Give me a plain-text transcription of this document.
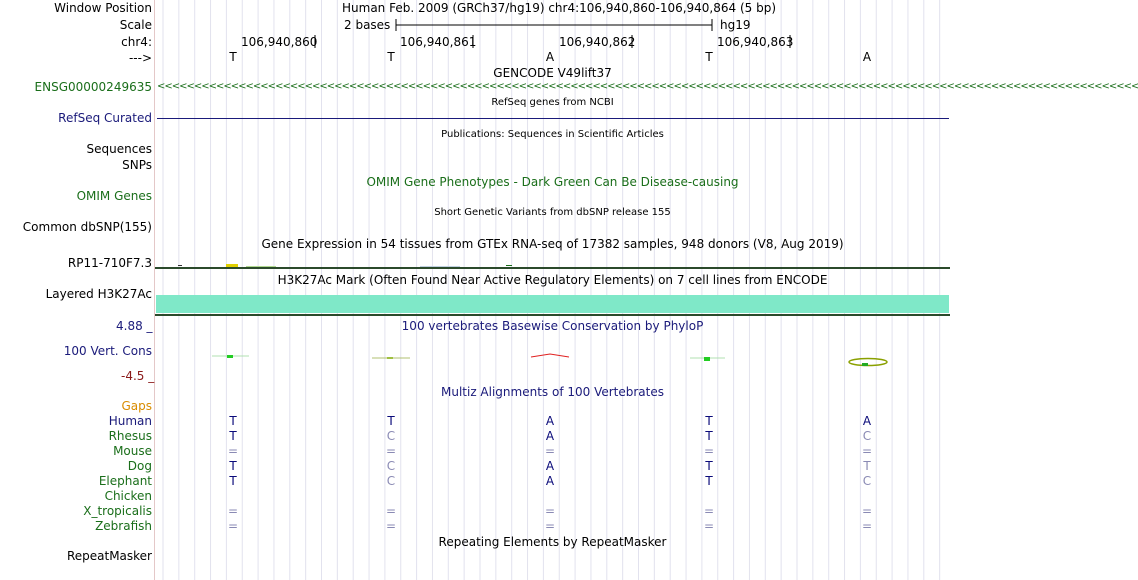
Window Position	Human Feb. 2009 (GRCh37/hg19) chr4:106,940,860-106,940,864 (5 bp)
Scale	2 bases	hg19
chr4:	106,940,860	106,940,861	106,940,862	106,940,863
--->	T	T	A	T	A
GENCODE V49lift37
ENSG00000249635 <<<<<<<<<<<<<<<<<<<<<<<<<<<<<<<<<<<<<<<<<<<<<<<<<<<<<<<<<<<<<<<<<<<<<<<<<<<<<<<<<<<<<<<<<<<<<<<<<<<<<<<<<<<<<<<<<<<<<<<<<<<<<<<<<<<<<
RefSeq genes from NCBI
RefSeq Curated
Publications: Sequences in Scientific Articles
Sequences
SNPs
OMIM Gene Phenotypes - Dark Green Can Be Disease-causing
OMIM Genes
Short Genetic Variants from dbSNP release 155
Common dbSNP(155)
Gene Expression in 54 tissues from GTEx RNA-seq of 17382 samples, 948 donors (V8, Aug 2019)
RP11-710F7.3
H3K27Ac Mark (Often Found Near Active Regulatory Elements) on 7 cell lines from ENCODE
Layered H3K27Ac
4.88 _	100 vertebrates Basewise Conservation by PhyloP
100 Vert. Cons
-4.5 _
Multiz Alignments of 100 Vertebrates
Gaps
Human	T	T	A	T	A
Rhesus	T	C	A	T	C
Mouse	=	=	=	=	=
Dog	T	C	A	T	T
Elephant	T	C	A	T	C
Chicken
X_tropicalis	=	=	=	=	=
Zebrafish	=	=	=	=	=
Repeating Elements by RepeatMasker
RepeatMasker
